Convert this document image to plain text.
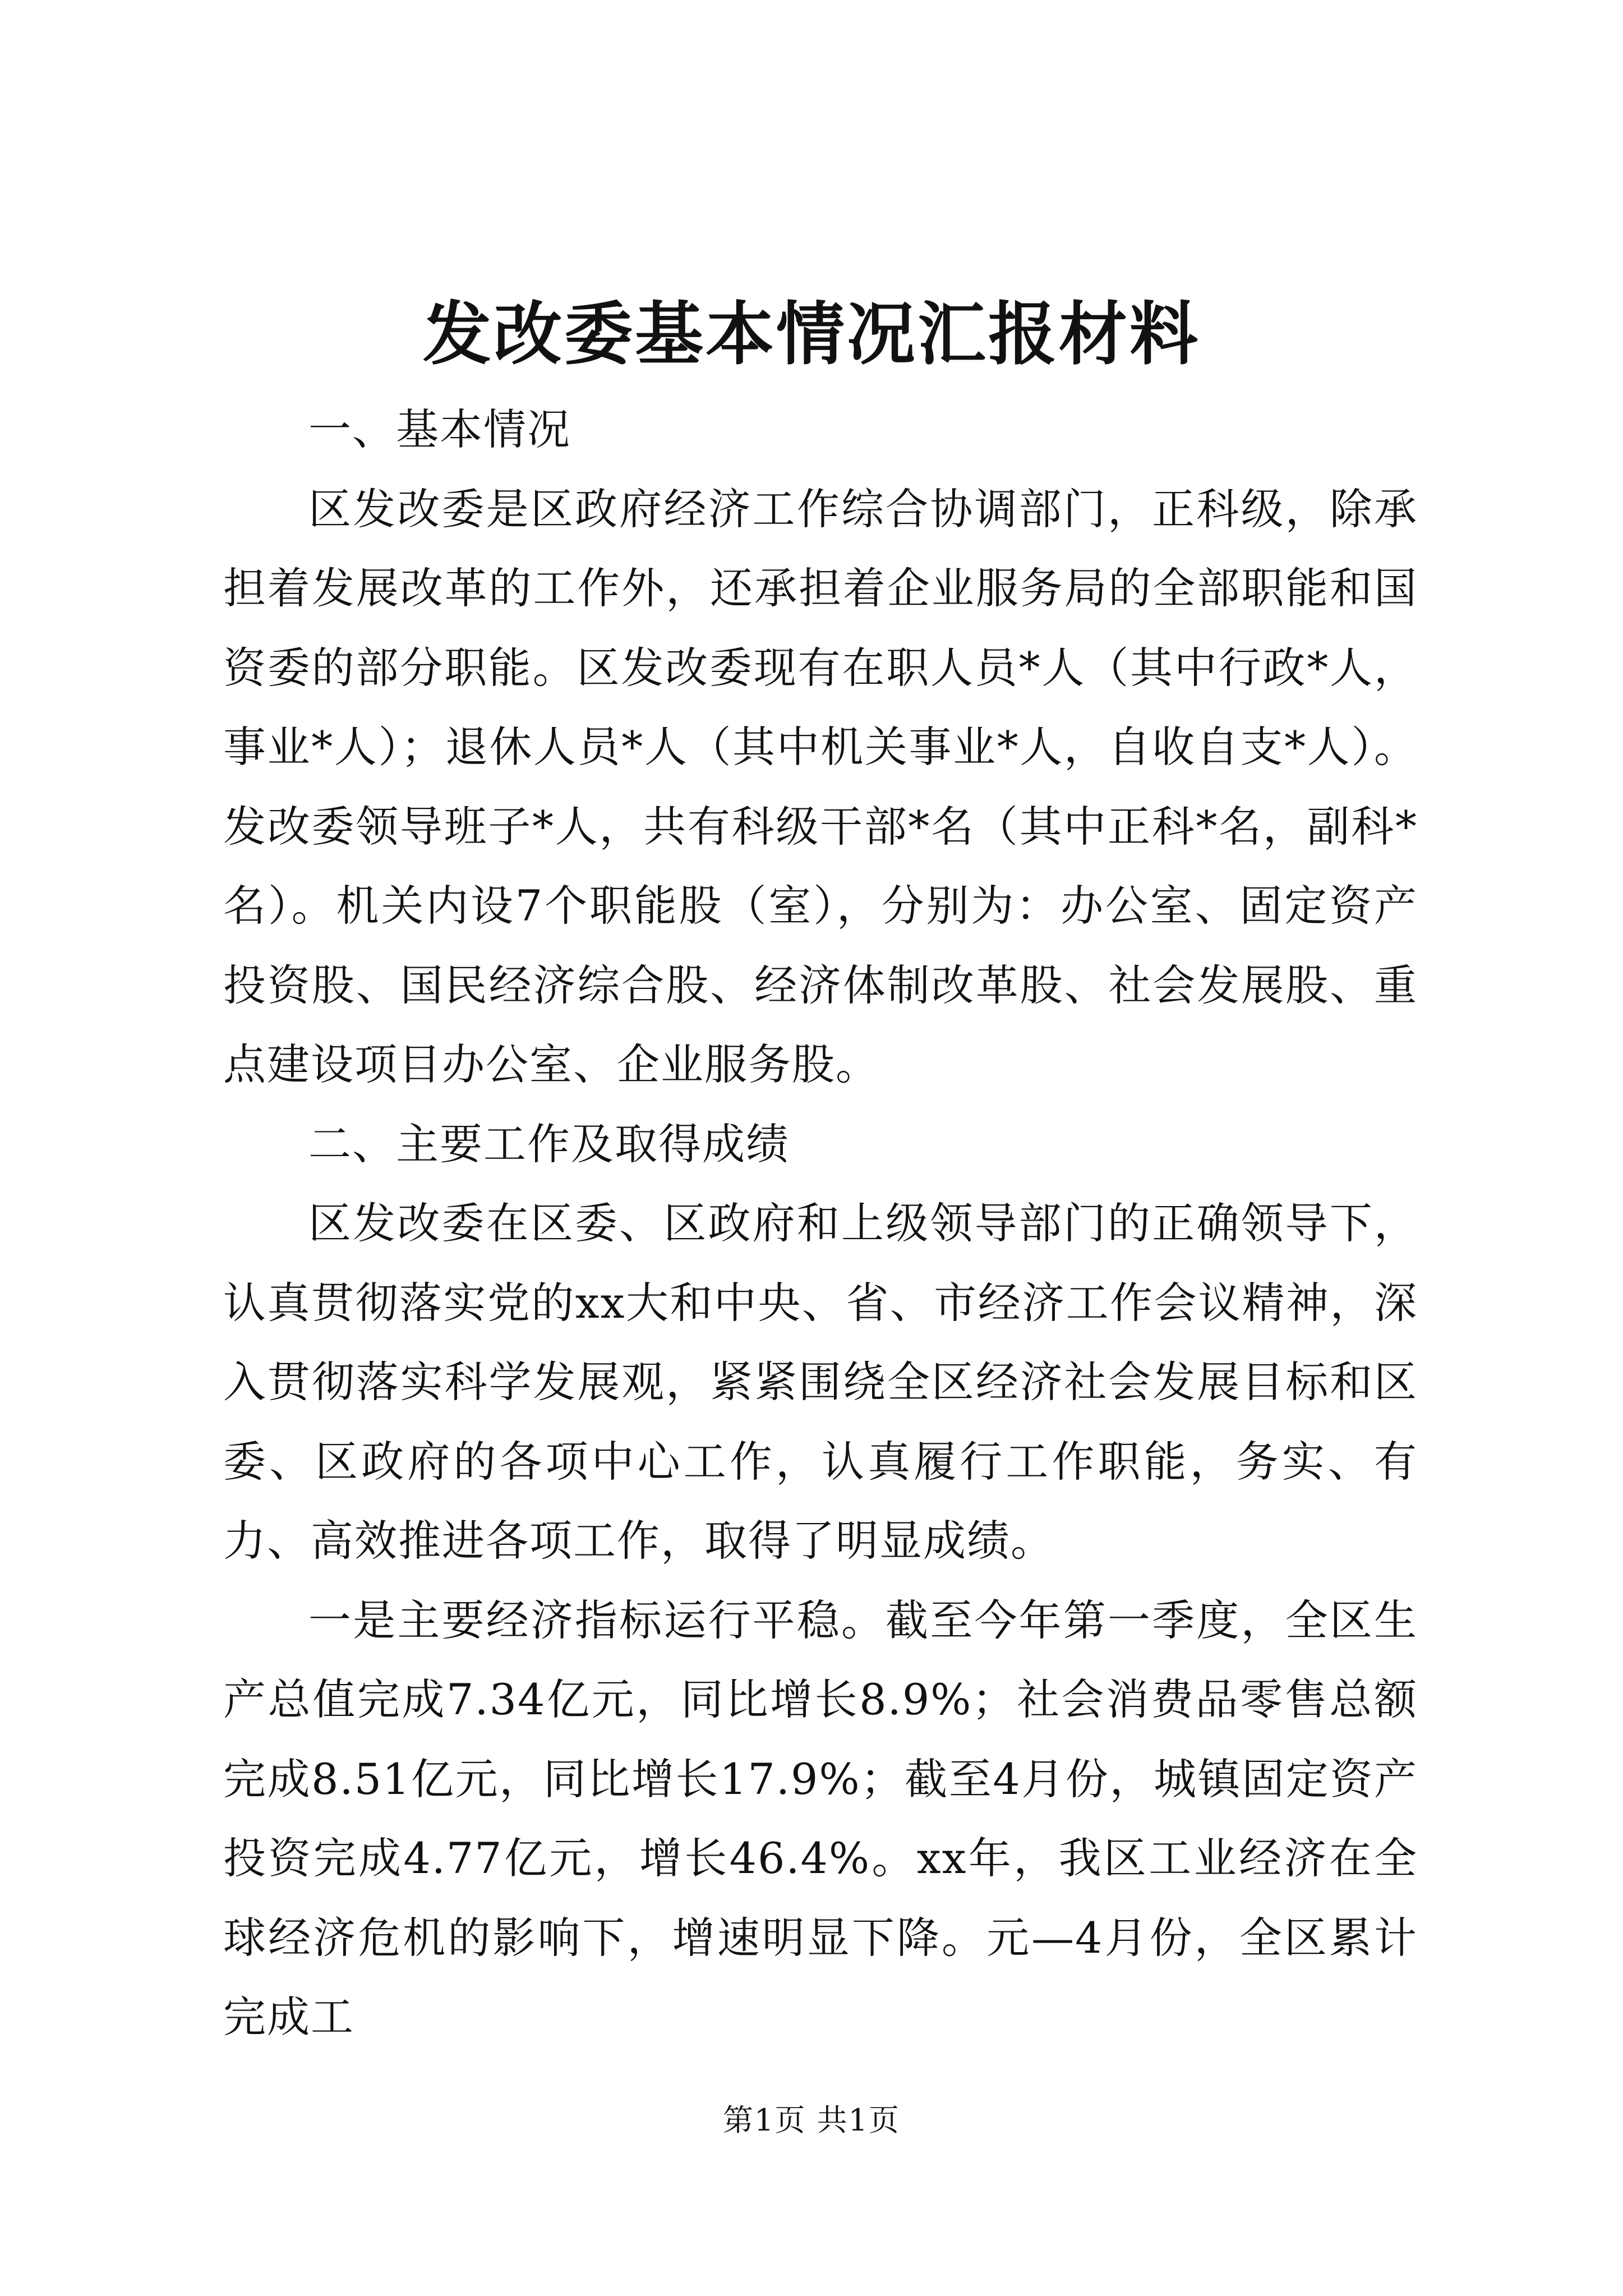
发改委基本情况汇报材料

一、基本情况

区发改委是区政府经济工作综合协调部门，正科级，除承担着发展改革的工作外，还承担着企业服务局的全部职能和国资委的部分职能。区发改委现有在职人员*人（其中行政*人，事业*人）；退休人员*人（其中机关事业*人，自收自支*人）。发改委领导班子*人，共有科级干部*名（其中正科*名，副科*名）。机关内设7个职能股（室），分别为：办公室、固定资产投资股、国民经济综合股、经济体制改革股、社会发展股、重点建设项目办公室、企业服务股。

二、主要工作及取得成绩

区发改委在区委、区政府和上级领导部门的正确领导下，认真贯彻落实党的xx大和中央、省、市经济工作会议精神，深入贯彻落实科学发展观，紧紧围绕全区经济社会发展目标和区委、区政府的各项中心工作，认真履行工作职能，务实、有力、高效推进各项工作，取得了明显成绩。

一是主要经济指标运行平稳。截至今年第一季度，全区生产总值完成7.34亿元，同比增长8.9%；社会消费品零售总额完成8.51亿元，同比增长17.9%；截至4月份，城镇固定资产投资完成4.77亿元，增长46.4%。xx年，我区工业经济在全球经济危机的影响下，增速明显下降。元—4月份，全区累计完成工

第1页 共1页
